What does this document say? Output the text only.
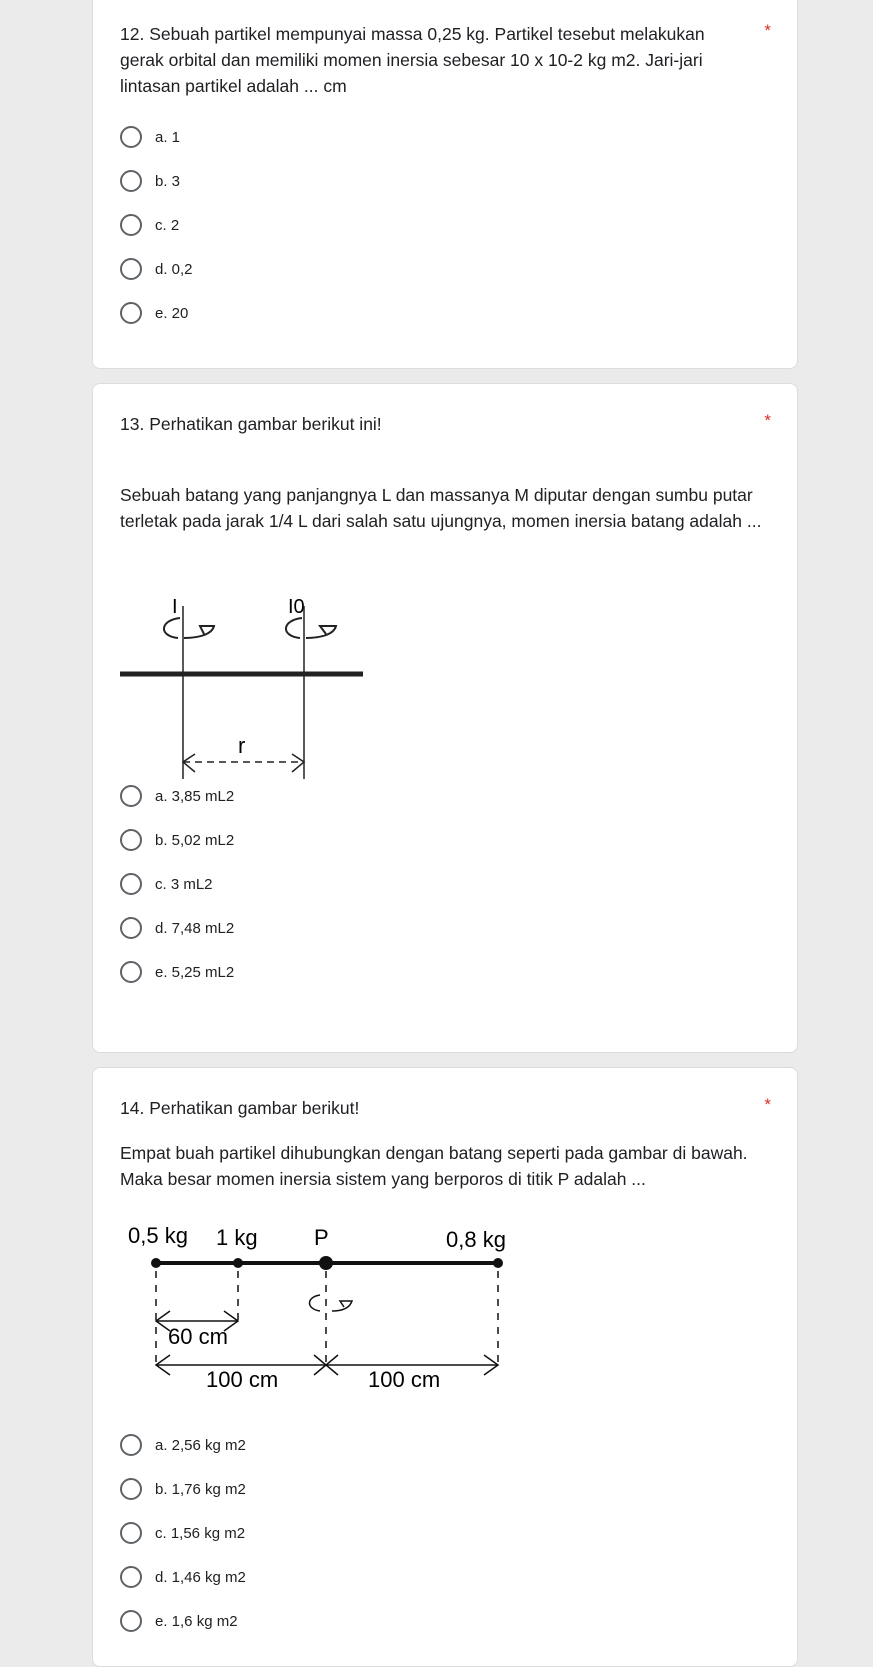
12. Sebuah partikel mempunyai massa 0,25 kg. Partikel tesebut melakukan gerak orbital dan memiliki momen inersia sebesar 10 x 10-2 kg m2. Jari-jari lintasan partikel adalah ... cm
*
a. 1
b. 3
c. 2
d. 0,2
e. 20
13. Perhatikan gambar berikut ini!	*
Sebuah batang yang panjangnya L dan massanya M diputar dengan sumbu putar terletak pada jarak 1/4 L dari salah satu ujungnya, momen inersia batang adalah ...
I	I0
r
a. 3,85 mL2
b. 5,02 mL2
c. 3 mL2
d. 7,48 mL2
e. 5,25 mL2
14. Perhatikan gambar berikut!	*
Empat buah partikel dihubungkan dengan batang seperti pada gambar di bawah. Maka besar momen inersia sistem yang berporos di titik P adalah ...
0,5 kg 1 kg	P	0,8 kg
60 cm
100 cm	100 cm
a. 2,56 kg m2
b. 1,76 kg m2
c. 1,56 kg m2
d. 1,46 kg m2
e. 1,6 kg m2
